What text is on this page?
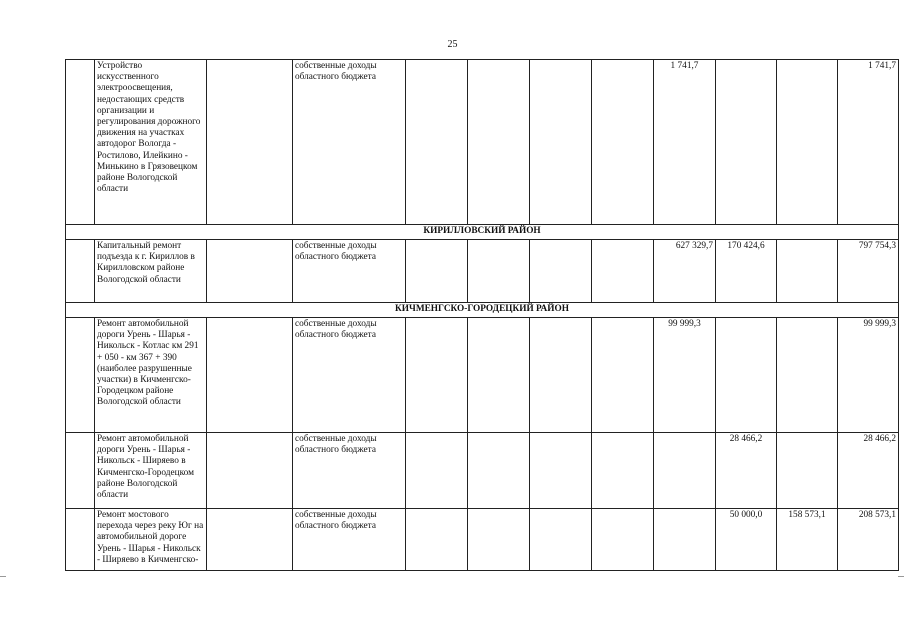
25
	Устройство искусственного электроосвещения, недостающих средств организации и регулирования дорожного движения на участках автодорог Вологда - Ростилово, Илейкино - Минькино в Грязовецком районе Вологодской области		собственные доходы областного бюджета					1 741,7			1 741,7
КИРИЛЛОВСКИЙ РАЙОН											
	Капитальный ремонт подъезда к г. Кириллов в Кирилловском районе Вологодской области		собственные доходы областного бюджета					627 329,7	170 424,6		797 754,3
КИЧМЕНГСКО-ГОРОДЕЦКИЙ РАЙОН											
	Ремонт автомобильной дороги Урень - Шарья - Никольск - Котлас км 291 + 050 - км 367 + 390 (наиболее разрушенные участки) в Кичменгско-Городецком районе Вологодской области		собственные доходы областного бюджета					99 999,3			99 999,3
	Ремонт автомобильной дороги Урень - Шарья - Никольск - Ширяево в Кичменгско-Городецком районе Вологодской области		собственные доходы областного бюджета						28 466,2		28 466,2
	Ремонт мостового перехода через реку Юг на автомобильной дороге Урень - Шарья - Никольск - Ширяево в Кичменгско-		собственные доходы областного бюджета						50 000,0	158 573,1	208 573,1
